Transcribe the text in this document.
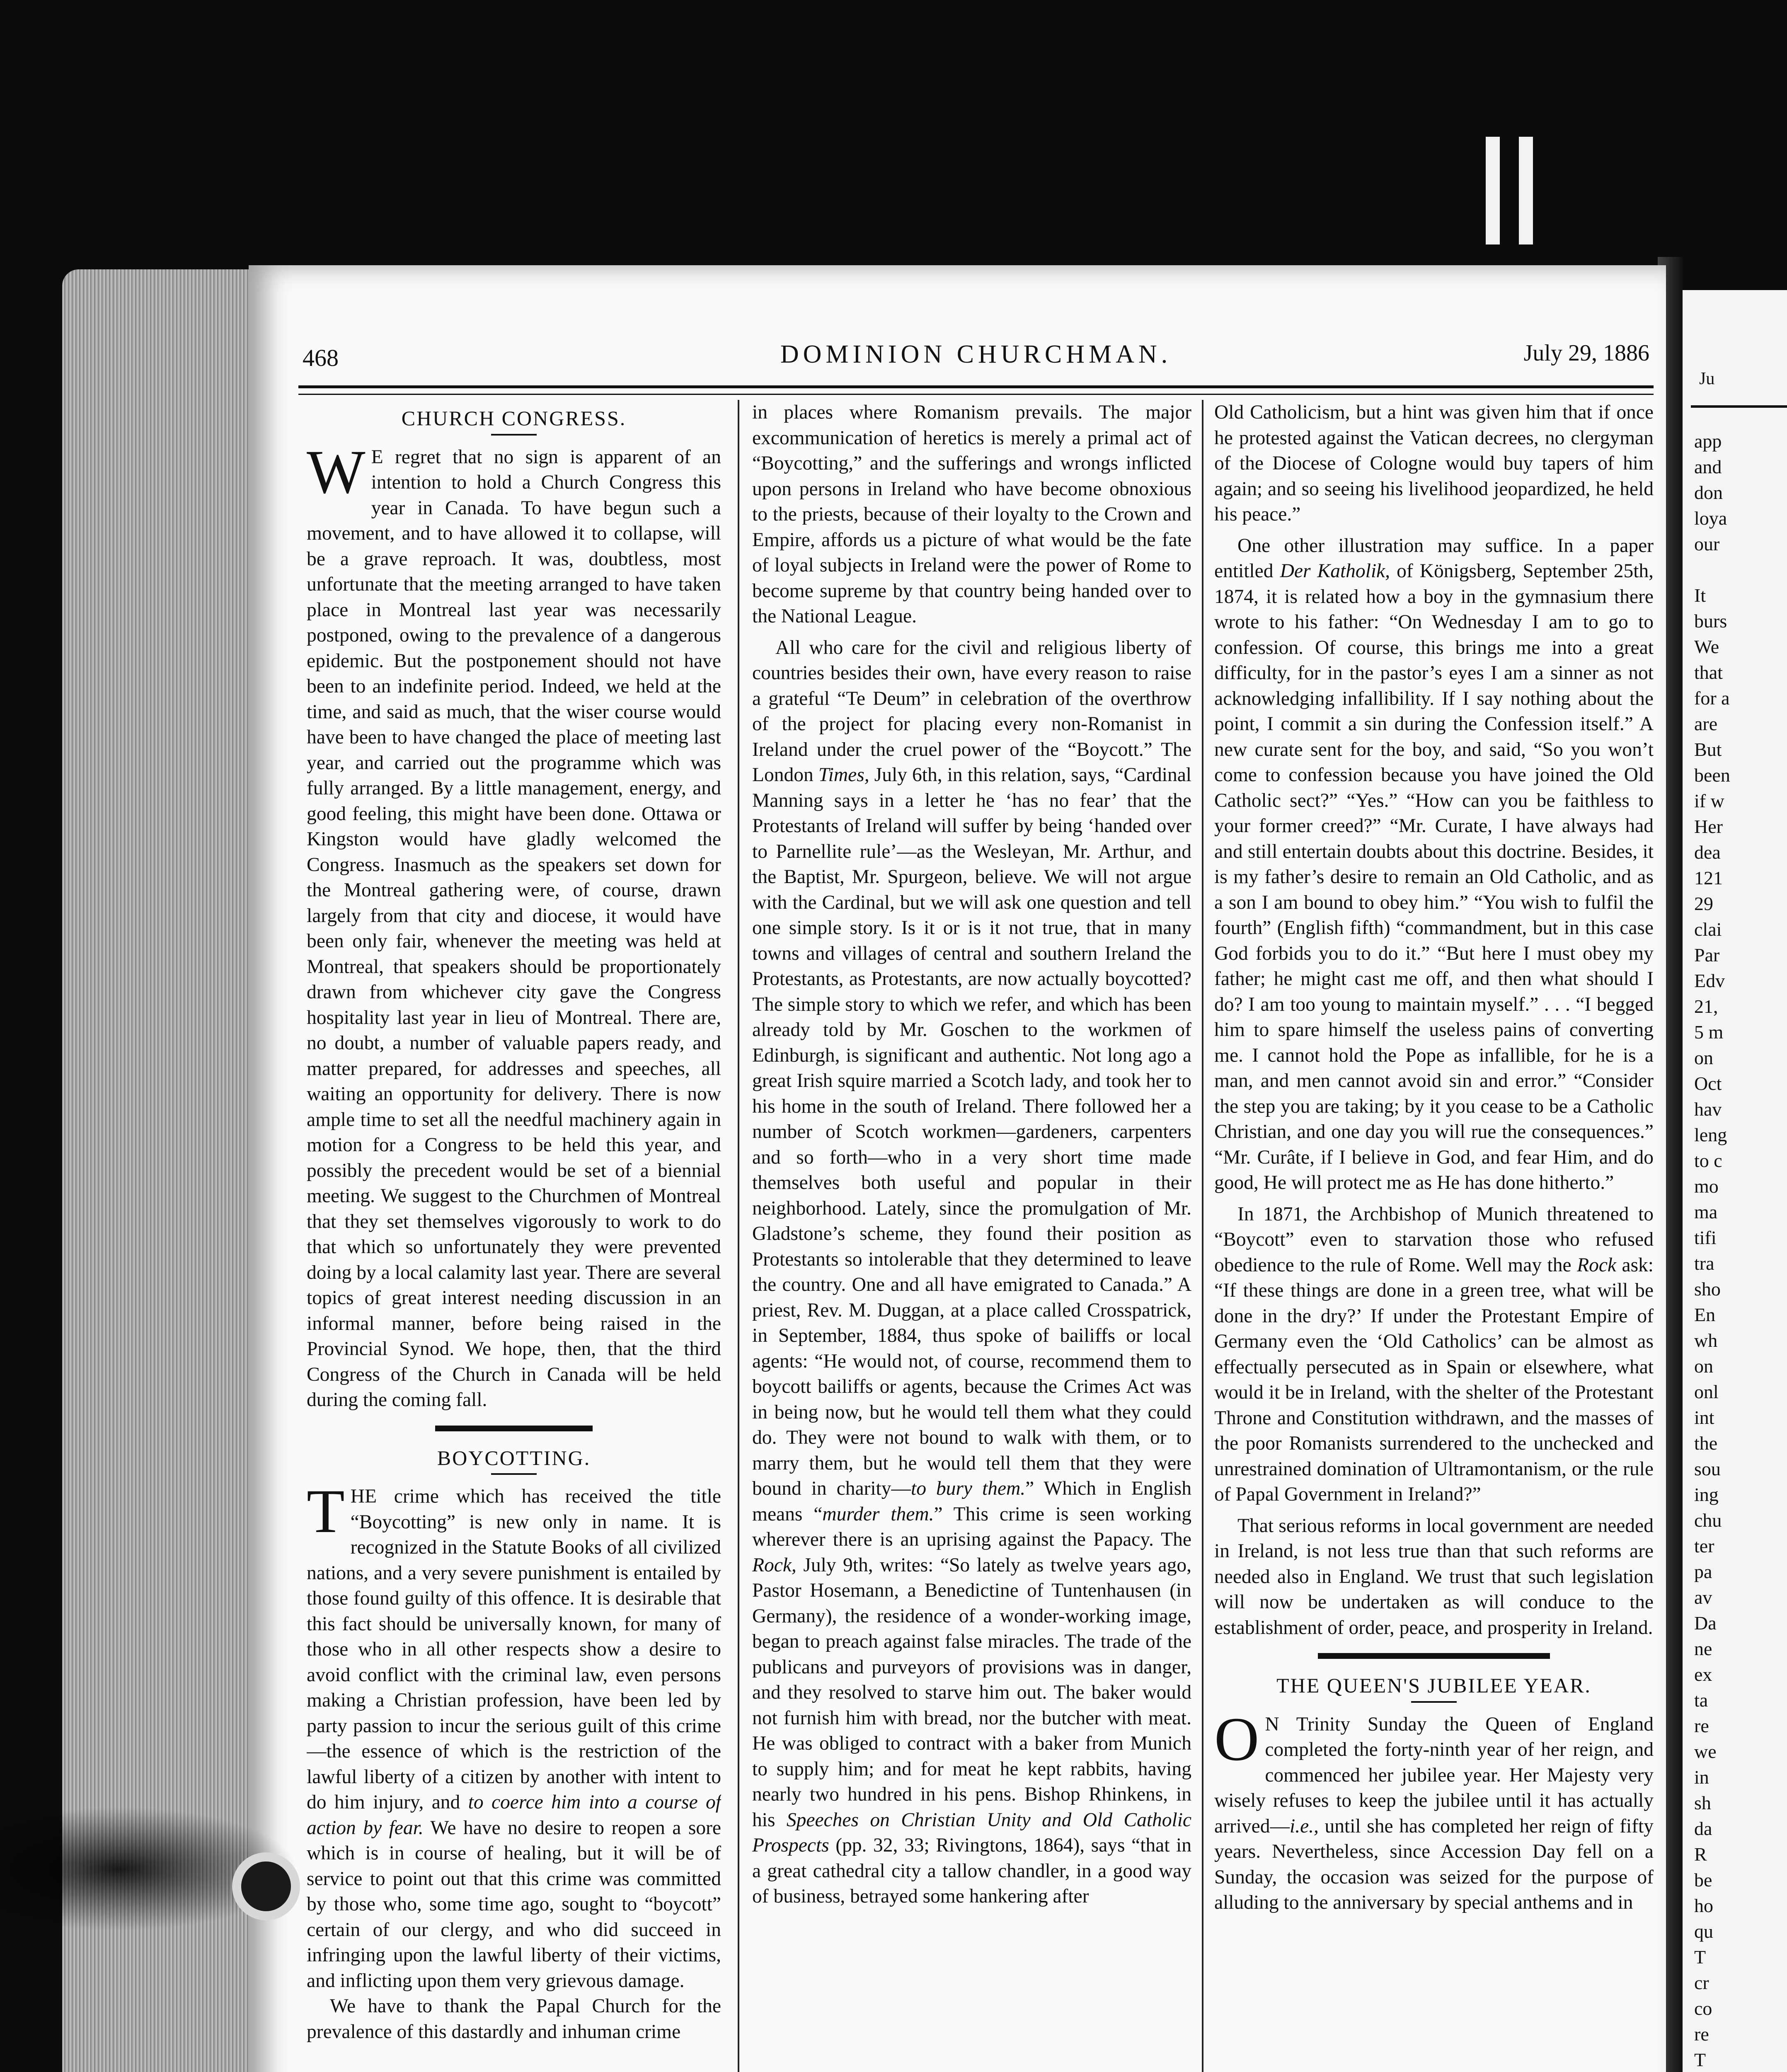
Ju
app
and
don
loya
our

It
burs
We
that
for a
are
But
been
if w
Her
dea
121
29
clai
Par
Edv
21,
5 m
on
Oct
hav
leng
to c
mo
ma
tifi
tra
sho
En
wh
on
onl
int
the
sou
ing
chu
ter
pa
av
Da
ne
ex
ta
re
we
in
sh
da
R
be
ho
qu
T
cr
co
re
T
468	DOMINION CHURCHMAN.	July 29, 1886
CHURCH CONGRESS.

W E regret that no sign is apparent of an intention to hold a Church Congress this year in Canada. To have begun such a movement, and to have allowed it to collapse, will be a grave reproach. It was, doubtless, most unfortunate that the meeting arranged to have taken place in Montreal last year was necessarily postponed, owing to the prevalence of a dangerous epidemic. But the postponement should not have been to an indefinite period. Indeed, we held at the time, and said as much, that the wiser course would have been to have changed the place of meeting last year, and carried out the programme which was fully arranged. By a little management, energy, and good feeling, this might have been done. Ottawa or Kingston would have gladly welcomed the Congress. Inasmuch as the speakers set down for the Montreal gathering were, of course, drawn largely from that city and diocese, it would have been only fair, whenever the meeting was held at Montreal, that speakers should be proportionately drawn from whichever city gave the Congress hospitality last year in lieu of Montreal. There are, no doubt, a number of valuable papers ready, and matter prepared, for addresses and speeches, all waiting an opportunity for delivery. There is now ample time to set all the needful machinery again in motion for a Congress to be held this year, and possibly the precedent would be set of a biennial meeting. We suggest to the Churchmen of Montreal that they set themselves vigorously to work to do that which so unfortunately they were prevented doing by a local calamity last year. There are several topics of great interest needing discussion in an informal manner, before being raised in the Provincial Synod. We hope, then, that the third Congress of the Church in Canada will be held during the coming fall.

BOYCOTTING.

THE crime which has received the title “Boycotting” is new only in name. It is recognized in the Statute Books of all civilized nations, and a very severe punishment is entailed by those found guilty of this offence. It is desirable that this fact should be universally known, for many of those who in all other respects show a desire to avoid conflict with the criminal law, even persons making a Christian profession, have been led by party passion to incur the serious guilt of this crime—the essence of which is the restriction of the lawful liberty of a citizen by another with intent to do him injury, and to coerce him into a course of action by fear. We have no desire to reopen a sore which is in course of healing, but it will be of service to point out that this crime was committed by those who, some time ago, sought to “boycott” certain of our clergy, and who did succeed in infringing upon the lawful liberty of their victims, and inflicting upon them very grievous damage.

We have to thank the Papal Church for the prevalence of this dastardly and inhuman crime

in places where Romanism prevails. The major excommunication of heretics is merely a primal act of “Boycotting,” and the sufferings and wrongs inflicted upon persons in Ireland who have become obnoxious to the priests, because of their loyalty to the Crown and Empire, affords us a picture of what would be the fate of loyal subjects in Ireland were the power of Rome to become supreme by that country being handed over to the National League.

All who care for the civil and religious liberty of countries besides their own, have every reason to raise a grateful “Te Deum” in celebration of the overthrow of the project for placing every non-Romanist in Ireland under the cruel power of the “Boycott.” The London Times, July 6th, in this relation, says, “Cardinal Manning says in a letter he ‘has no fear’ that the Protestants of Ireland will suffer by being ‘handed over to Parnellite rule’—as the Wesleyan, Mr. Arthur, and the Baptist, Mr. Spurgeon, believe. We will not argue with the Cardinal, but we will ask one question and tell one simple story. Is it or is it not true, that in many towns and villages of central and southern Ireland the Protestants, as Protestants, are now actually boycotted? The simple story to which we refer, and which has been already told by Mr. Goschen to the workmen of Edinburgh, is significant and authentic. Not long ago a great Irish squire married a Scotch lady, and took her to his home in the south of Ireland. There followed her a number of Scotch workmen—gardeners, carpenters and so forth—who in a very short time made themselves both useful and popular in their neighborhood. Lately, since the promulgation of Mr. Gladstone’s scheme, they found their position as Protestants so intolerable that they determined to leave the country. One and all have emigrated to Canada.” A priest, Rev. M. Duggan, at a place called Crosspatrick, in September, 1884, thus spoke of bailiffs or local agents: “He would not, of course, recommend them to boycott bailiffs or agents, because the Crimes Act was in being now, but he would tell them what they could do. They were not bound to walk with them, or to marry them, but he would tell them that they were bound in charity—to bury them.” Which in English means “murder them.” This crime is seen working wherever there is an uprising against the Papacy. The Rock, July 9th, writes: “So lately as twelve years ago, Pastor Hosemann, a Benedictine of Tuntenhausen (in Germany), the residence of a wonder-working image, began to preach against false miracles. The trade of the publicans and purveyors of provisions was in danger, and they resolved to starve him out. The baker would not furnish him with bread, nor the butcher with meat. He was obliged to contract with a baker from Munich to supply him; and for meat he kept rabbits, having nearly two hundred in his pens. Bishop Rhinkens, in his Speeches on Christian Unity and Old Catholic Prospects (pp. 32, 33; Rivingtons, 1864), says “that in a great cathedral city a tallow chandler, in a good way of business, betrayed some hankering after

Old Catholicism, but a hint was given him that if once he protested against the Vatican decrees, no clergyman of the Diocese of Cologne would buy tapers of him again; and so seeing his livelihood jeopardized, he held his peace.”

One other illustration may suffice. In a paper entitled Der Katholik, of Königsberg, September 25th, 1874, it is related how a boy in the gymnasium there wrote to his father: “On Wednesday I am to go to confession. Of course, this brings me into a great difficulty, for in the pastor’s eyes I am a sinner as not acknowledging infallibility. If I say nothing about the point, I commit a sin during the Confession itself.” A new curate sent for the boy, and said, “So you won’t come to confession because you have joined the Old Catholic sect?” “Yes.” “How can you be faithless to your former creed?” “Mr. Curate, I have always had and still entertain doubts about this doctrine. Besides, it is my father’s desire to remain an Old Catholic, and as a son I am bound to obey him.” “You wish to fulfil the fourth” (English fifth) “commandment, but in this case God forbids you to do it.” “But here I must obey my father; he might cast me off, and then what should I do? I am too young to maintain myself.” . . . “I begged him to spare himself the useless pains of converting me. I cannot hold the Pope as infallible, for he is a man, and men cannot avoid sin and error.” “Consider the step you are taking; by it you cease to be a Catholic Christian, and one day you will rue the consequences.” “Mr. Curâte, if I believe in God, and fear Him, and do good, He will protect me as He has done hitherto.”

In 1871, the Archbishop of Munich threatened to “Boycott” even to starvation those who refused obedience to the rule of Rome. Well may the Rock ask: “If these things are done in a green tree, what will be done in the dry?’ If under the Protestant Empire of Germany even the ‘Old Catholics’ can be almost as effectually persecuted as in Spain or elsewhere, what would it be in Ireland, with the shelter of the Protestant Throne and Constitution withdrawn, and the masses of the poor Romanists surrendered to the unchecked and unrestrained domination of Ultramontanism, or the rule of Papal Government in Ireland?”

That serious reforms in local government are needed in Ireland, is not less true than that such reforms are needed also in England. We trust that such legislation will now be undertaken as will conduce to the establishment of order, peace, and prosperity in Ireland.

THE QUEEN'S JUBILEE YEAR.

O N Trinity Sunday the Queen of England completed the forty-ninth year of her reign, and commenced her jubilee year. Her Majesty very wisely refuses to keep the jubilee until it has actually arrived—i.e., until she has completed her reign of fifty years. Nevertheless, since Accession Day fell on a Sunday, the occasion was seized for the purpose of alluding to the anniversary by special anthems and in
